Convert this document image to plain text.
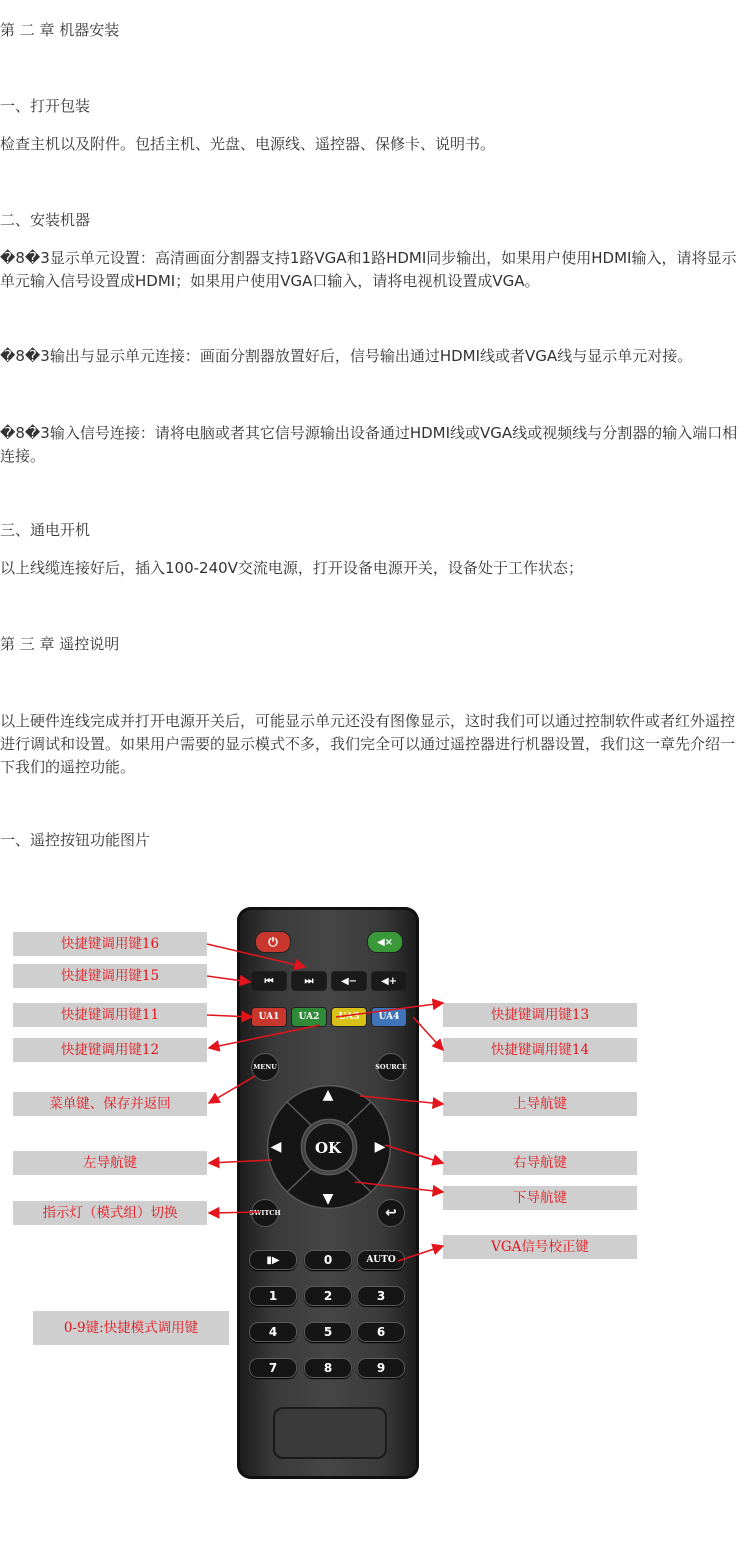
第 二 章 机器安装
一、打开包装
检查主机以及附件。包括主机、光盘、电源线、遥控器、保修卡、说明书。
二、安装机器
�8�3显示单元设置：高清画面分割器支持1路VGA和1路HDMI同步输出，如果用户使用HDMI输入，请将显示单元输入信号设置成HDMI；如果用户使用VGA口输入，请将电视机设置成VGA。
�8�3输出与显示单元连接：画面分割器放置好后，信号输出通过HDMI线或者VGA线与显示单元对接。
�8�3输入信号连接：请将电脑或者其它信号源输出设备通过HDMI线或VGA线或视频线与分割器的输入端口相连接。
三、通电开机
以上线缆连接好后，插入100-240V交流电源，打开设备电源开关，设备处于工作状态；
第 三 章 遥控说明
以上硬件连线完成并打开电源开关后，可能显示单元还没有图像显示，这时我们可以通过控制软件或者红外遥控进行调试和设置。如果用户需要的显示模式不多，我们完全可以通过遥控器进行机器设置，我们这一章先介绍一下我们的遥控功能。
一、遥控按钮功能图片
快捷键调用键16
快捷键调用键15
快捷键调用键11
快捷键调用键12
菜单键、保存并返回
左导航键
指示灯（模式组）切换
0-9键:快捷模式调用键
快捷键调用键13
快捷键调用键14
上导航键
右导航键
下导航键
VGA信号校正键
⏻	◀×
⏮	⏭	◀−	◀+
UA1	UA2	UA3	UA4
MENU	SOURCE
▲
▼
◀	▶
OK
SWITCH	↩
▮▶	0	AUTO
1	2	3
4	5	6
7	8	9
